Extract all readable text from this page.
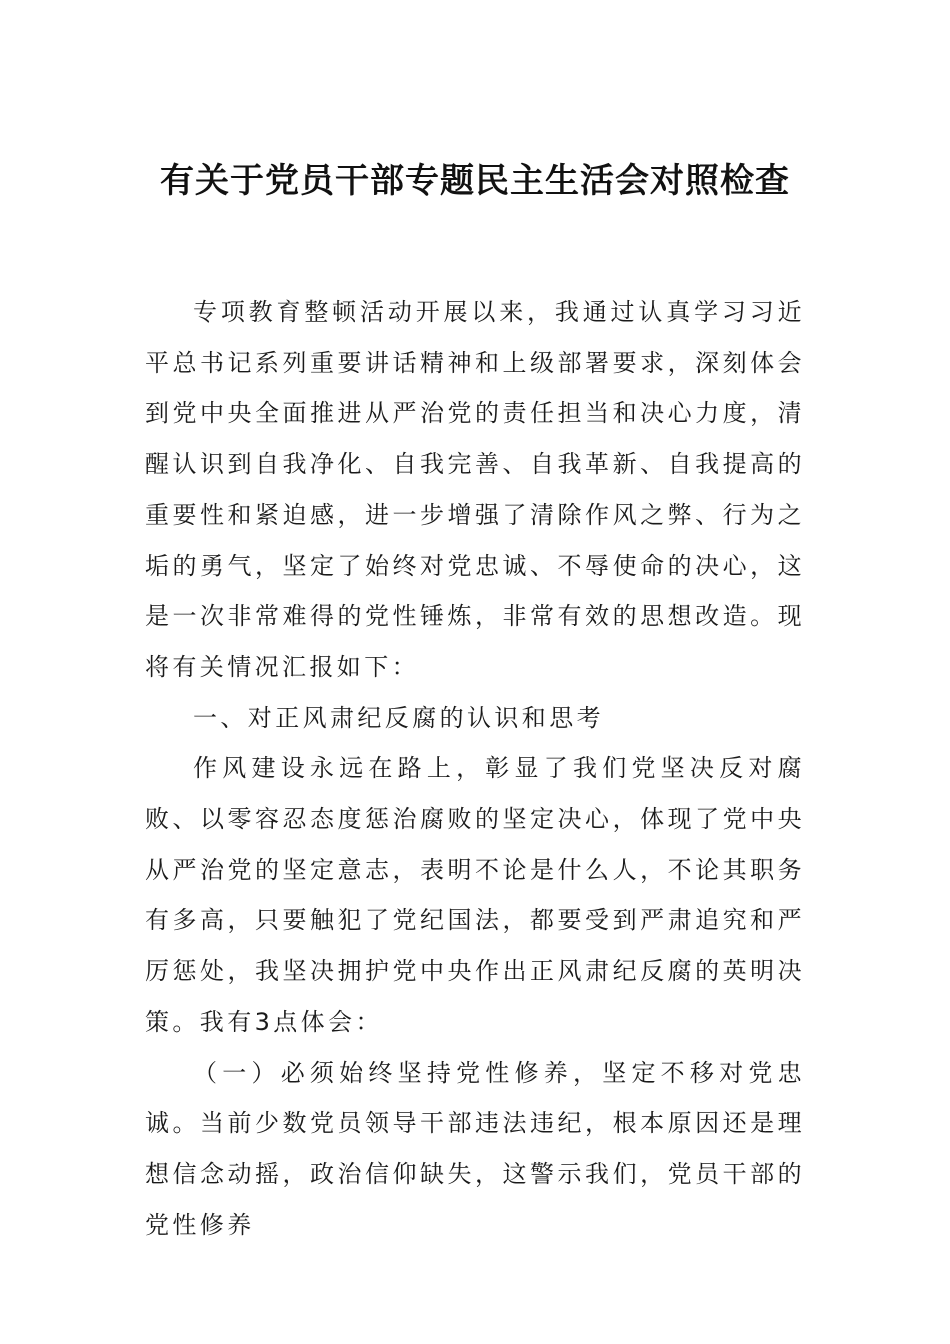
有关于党员干部专题民主生活会对照检查

专项教育整顿活动开展以来，我通过认真学习习近平总书记系列重要讲话精神和上级部署要求，深刻体会到党中央全面推进从严治党的责任担当和决心力度，清醒认识到自我净化、自我完善、自我革新、自我提高的重要性和紧迫感，进一步增强了清除作风之弊、行为之垢的勇气，坚定了始终对党忠诚、不辱使命的决心，这是一次非常难得的党性锤炼，非常有效的思想改造。现将有关情况汇报如下：

一、对正风肃纪反腐的认识和思考

作风建设永远在路上，彰显了我们党坚决反对腐败、以零容忍态度惩治腐败的坚定决心，体现了党中央从严治党的坚定意志，表明不论是什么人，不论其职务有多高，只要触犯了党纪国法，都要受到严肃追究和严厉惩处，我坚决拥护党中央作出正风肃纪反腐的英明决策。我有3点体会：

（一）必须始终坚持党性修养，坚定不移对党忠诚。当前少数党员领导干部违法违纪，根本原因还是理想信念动摇，政治信仰缺失，这警示我们，党员干部的党性修养
